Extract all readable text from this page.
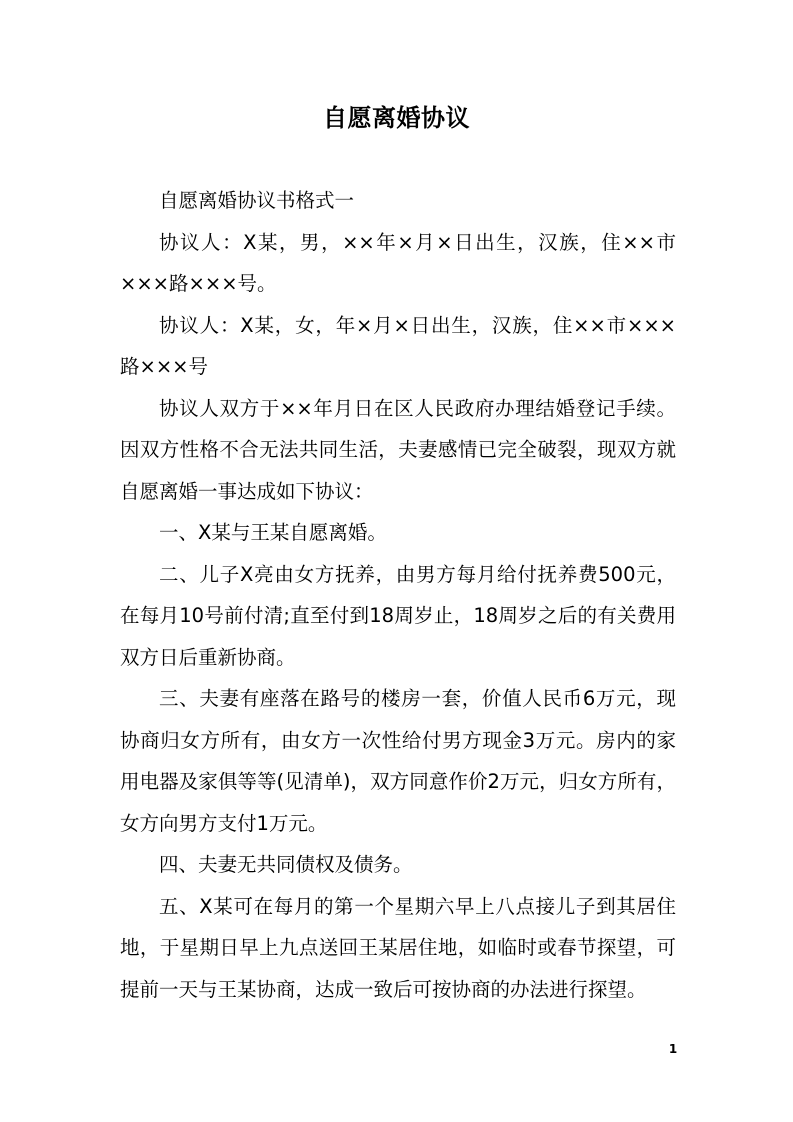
自愿离婚协议

自愿离婚协议书格式一

协议人：X某，男，××年×月×日出生，汉族，住××市×××路×××号。

协议人：X某，女，年×月×日出生，汉族，住××市×××路×××号

协议人双方于××年月日在区人民政府办理结婚登记手续。因双方性格不合无法共同生活，夫妻感情已完全破裂，现双方就自愿离婚一事达成如下协议：

一、X某与王某自愿离婚。

二、儿子X亮由女方抚养，由男方每月给付抚养费500元，在每月10号前付清;直至付到18周岁止，18周岁之后的有关费用双方日后重新协商。

三、夫妻有座落在路号的楼房一套，价值人民币6万元，现协商归女方所有，由女方一次性给付男方现金3万元。房内的家用电器及家俱等等(见清单)，双方同意作价2万元，归女方所有，女方向男方支付1万元。

四、夫妻无共同债权及债务。

五、X某可在每月的第一个星期六早上八点接儿子到其居住地，于星期日早上九点送回王某居住地，如临时或春节探望，可提前一天与王某协商，达成一致后可按协商的办法进行探望。

1
